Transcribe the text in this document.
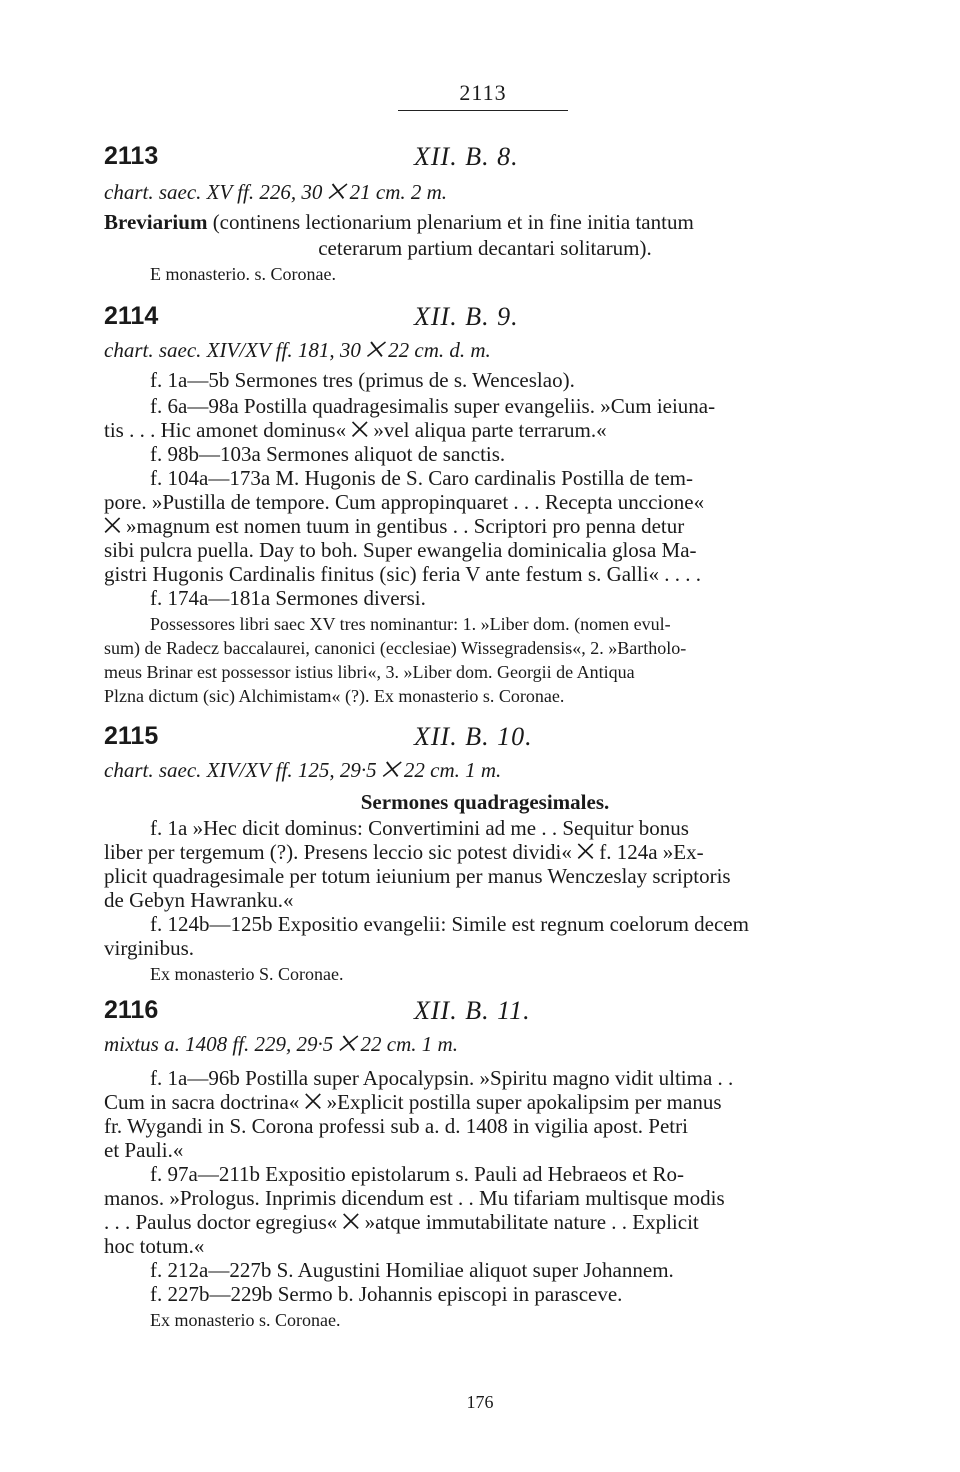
2113
2113	XII. B. 8.
chart. saec. XV ff. 226, 30 ⨉ 21 cm. 2 m.
Breviarium (continens lectionarium plenarium et in fine initia tantum
ceterarum partium decantari solitarum).
E monasterio. s. Coronae.
2114	XII. B. 9.
chart. saec. XIV/XV ff. 181, 30 ⨉ 22 cm. d. m.
f. 1a—5b Sermones tres (primus de s. Wenceslao).
f. 6a—98a Postilla quadragesimalis super evangeliis. »Cum ieiuna-
tis . . . Hic amonet dominus« ⨉ »vel aliqua parte terrarum.«
f. 98b—103a Sermones aliquot de sanctis.
f. 104a—173a M. Hugonis de S. Caro cardinalis Postilla de tem-
pore. »Pustilla de tempore. Cum appropinquaret . . . Recepta unccione«
⨉ »magnum est nomen tuum in gentibus . . Scriptori pro penna detur
sibi pulcra puella. Day to boh. Super ewangelia dominicalia glosa Ma-
gistri Hugonis Cardinalis finitus (sic) feria V ante festum s. Galli« . . . .
f. 174a—181a Sermones diversi.
Possessores libri saec XV tres nominantur: 1. »Liber dom. (nomen evul-
sum) de Radecz baccalaurei, canonici (ecclesiae) Wissegradensis«, 2. »Bartholo-
meus Brinar est possessor istius libri«, 3. »Liber dom. Georgii de Antiqua
Plzna dictum (sic) Alchimistam« (?). Ex monasterio s. Coronae.
2115	XII. B. 10.
chart. saec. XIV/XV ff. 125, 29·5 ⨉ 22 cm. 1 m.
Sermones quadragesimales.
f. 1a »Hec dicit dominus: Convertimini ad me . . Sequitur bonus
liber per tergemum (?). Presens leccio sic potest dividi« ⨉ f. 124a »Ex-
plicit quadragesimale per totum ieiunium per manus Wenczeslay scriptoris
de Gebyn Hawranku.«
f. 124b—125b Expositio evangelii: Simile est regnum coelorum decem
virginibus.
Ex monasterio S. Coronae.
2116	XII. B. 11.
mixtus a. 1408 ff. 229, 29·5 ⨉ 22 cm. 1 m.
f. 1a—96b Postilla super Apocalypsin. »Spiritu magno vidit ultima . .
Cum in sacra doctrina« ⨉ »Explicit postilla super apokalipsim per manus
fr. Wygandi in S. Corona professi sub a. d. 1408 in vigilia apost. Petri
et Pauli.«
f. 97a—211b Expositio epistolarum s. Pauli ad Hebraeos et Ro-
manos. »Prologus. Inprimis dicendum est . . Mu tifariam multisque modis
. . . Paulus doctor egregius« ⨉ »atque immutabilitate nature . . Explicit
hoc totum.«
f. 212a—227b S. Augustini Homiliae aliquot super Johannem.
f. 227b—229b Sermo b. Johannis episcopi in parasceve.
Ex monasterio s. Coronae.
176
